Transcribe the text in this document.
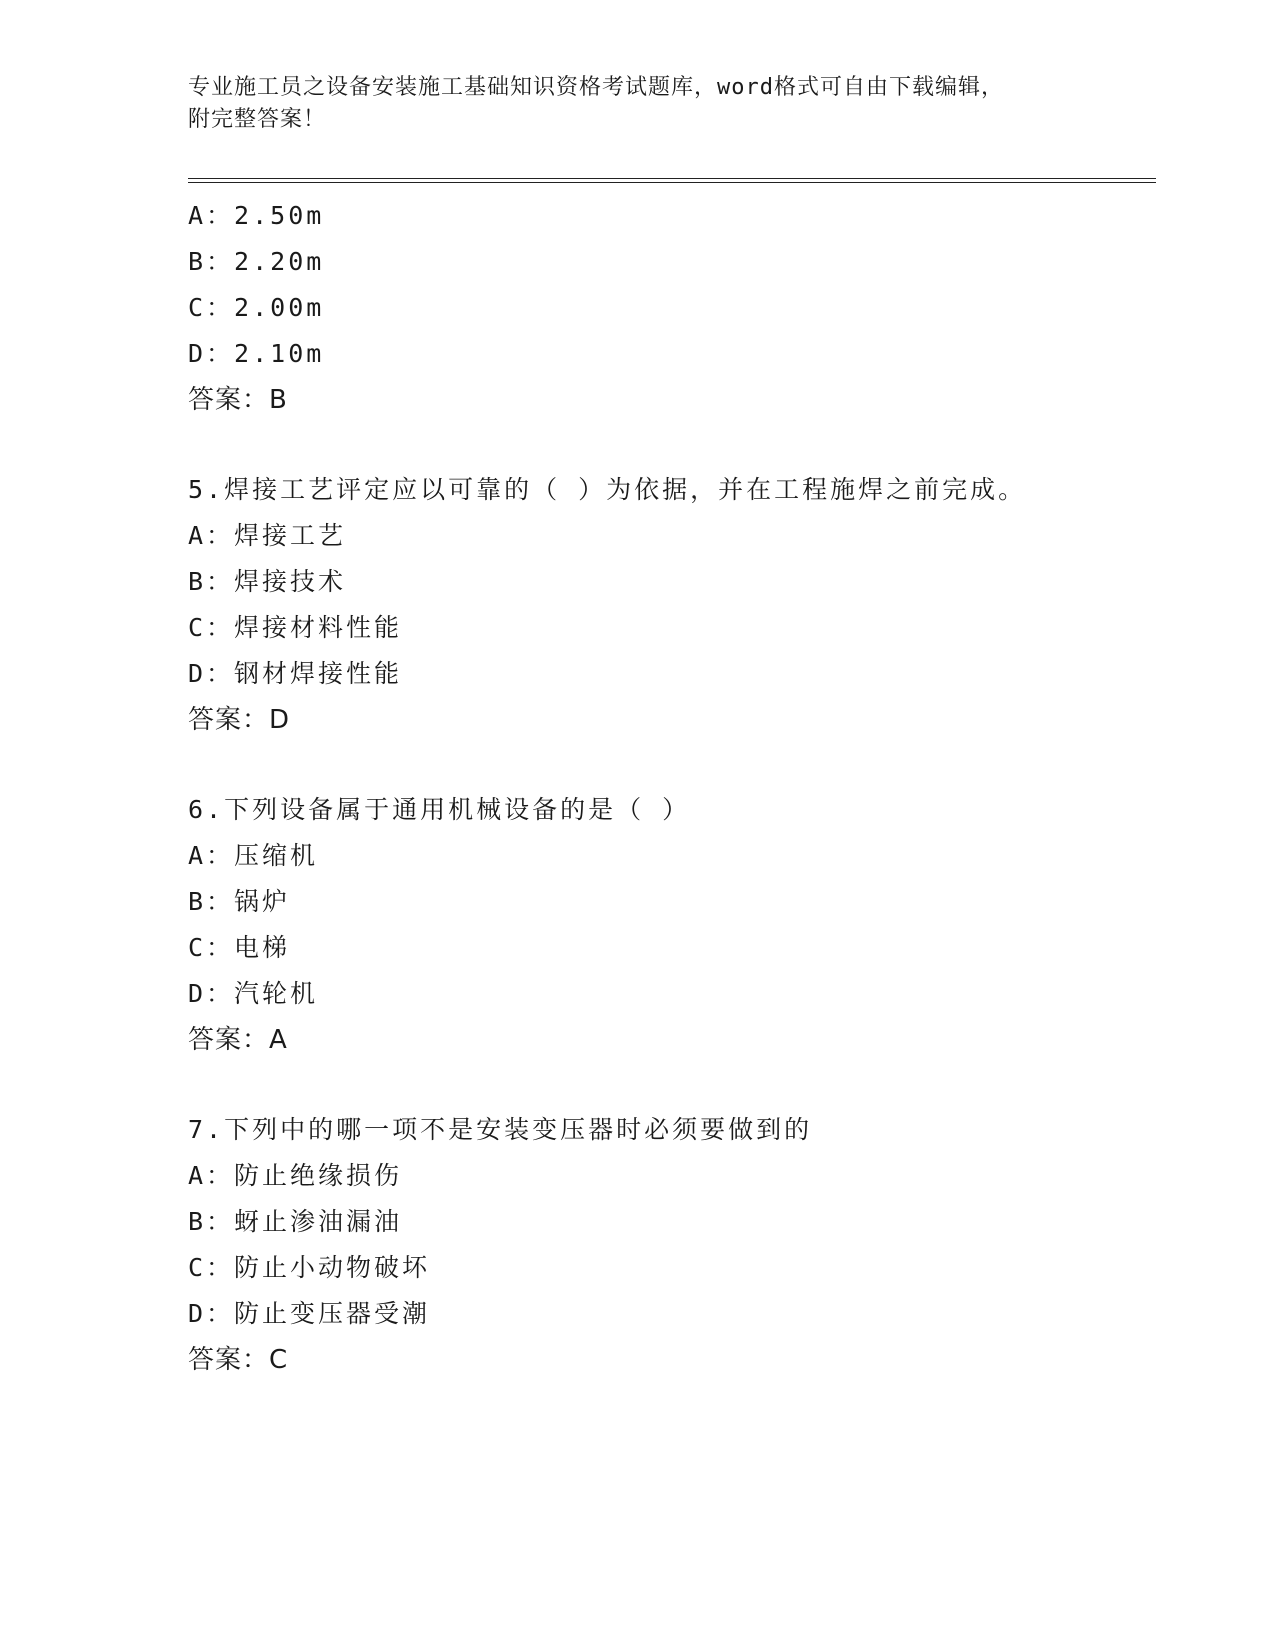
专业施工员之设备安装施工基础知识资格考试题库，word格式可自由下载编辑，
附完整答案！
A：2.50m
B：2.20m
C：2.00m
D：2.10m
答案：B
5.焊接工艺评定应以可靠的（ ）为依据，并在工程施焊之前完成。
A：焊接工艺
B：焊接技术
C：焊接材料性能
D：钢材焊接性能
答案：D
6.下列设备属于通用机械设备的是（ ）
A：压缩机
B：锅炉
C：电梯
D：汽轮机
答案：A
7.下列中的哪一项不是安装变压器时必须要做到的
A：防止绝缘损伤
B：蚜止渗油漏油
C：防止小动物破坏
D：防止变压器受潮
答案：C
